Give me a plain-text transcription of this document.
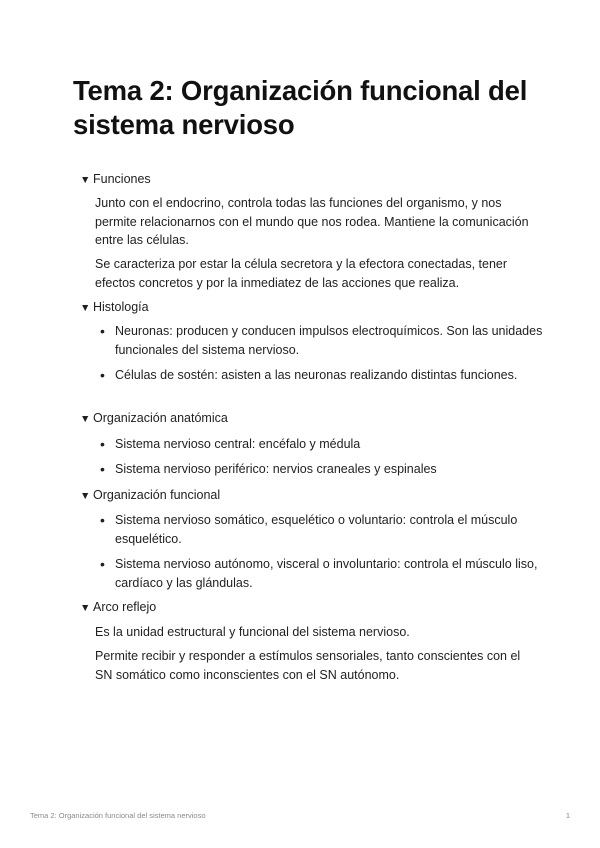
Tema 2: Organización funcional del sistema nervioso
▼ Funciones
Junto con el endocrino, controla todas las funciones del organismo, y nos permite relacionarnos con el mundo que nos rodea. Mantiene la comunicación entre las células.
Se caracteriza por estar la célula secretora y la efectora conectadas, tener efectos concretos y por la inmediatez de las acciones que realiza.
▼ Histología
• Neuronas: producen y conducen impulsos electroquímicos. Son las unidades funcionales del sistema nervioso.
• Células de sostén: asisten a las neuronas realizando distintas funciones.
▼ Organización anatómica
• Sistema nervioso central: encéfalo y médula
• Sistema nervioso periférico: nervios craneales y espinales
▼ Organización funcional
• Sistema nervioso somático, esquelético o voluntario: controla el músculo esquelético.
• Sistema nervioso autónomo, visceral o involuntario: controla el músculo liso, cardíaco y las glándulas.
▼ Arco reflejo
Es la unidad estructural y funcional del sistema nervioso.
Permite recibir y responder a estímulos sensoriales, tanto conscientes con el SN somático como inconscientes con el SN autónomo.
Tema 2: Organización funcional del sistema nervioso	1
